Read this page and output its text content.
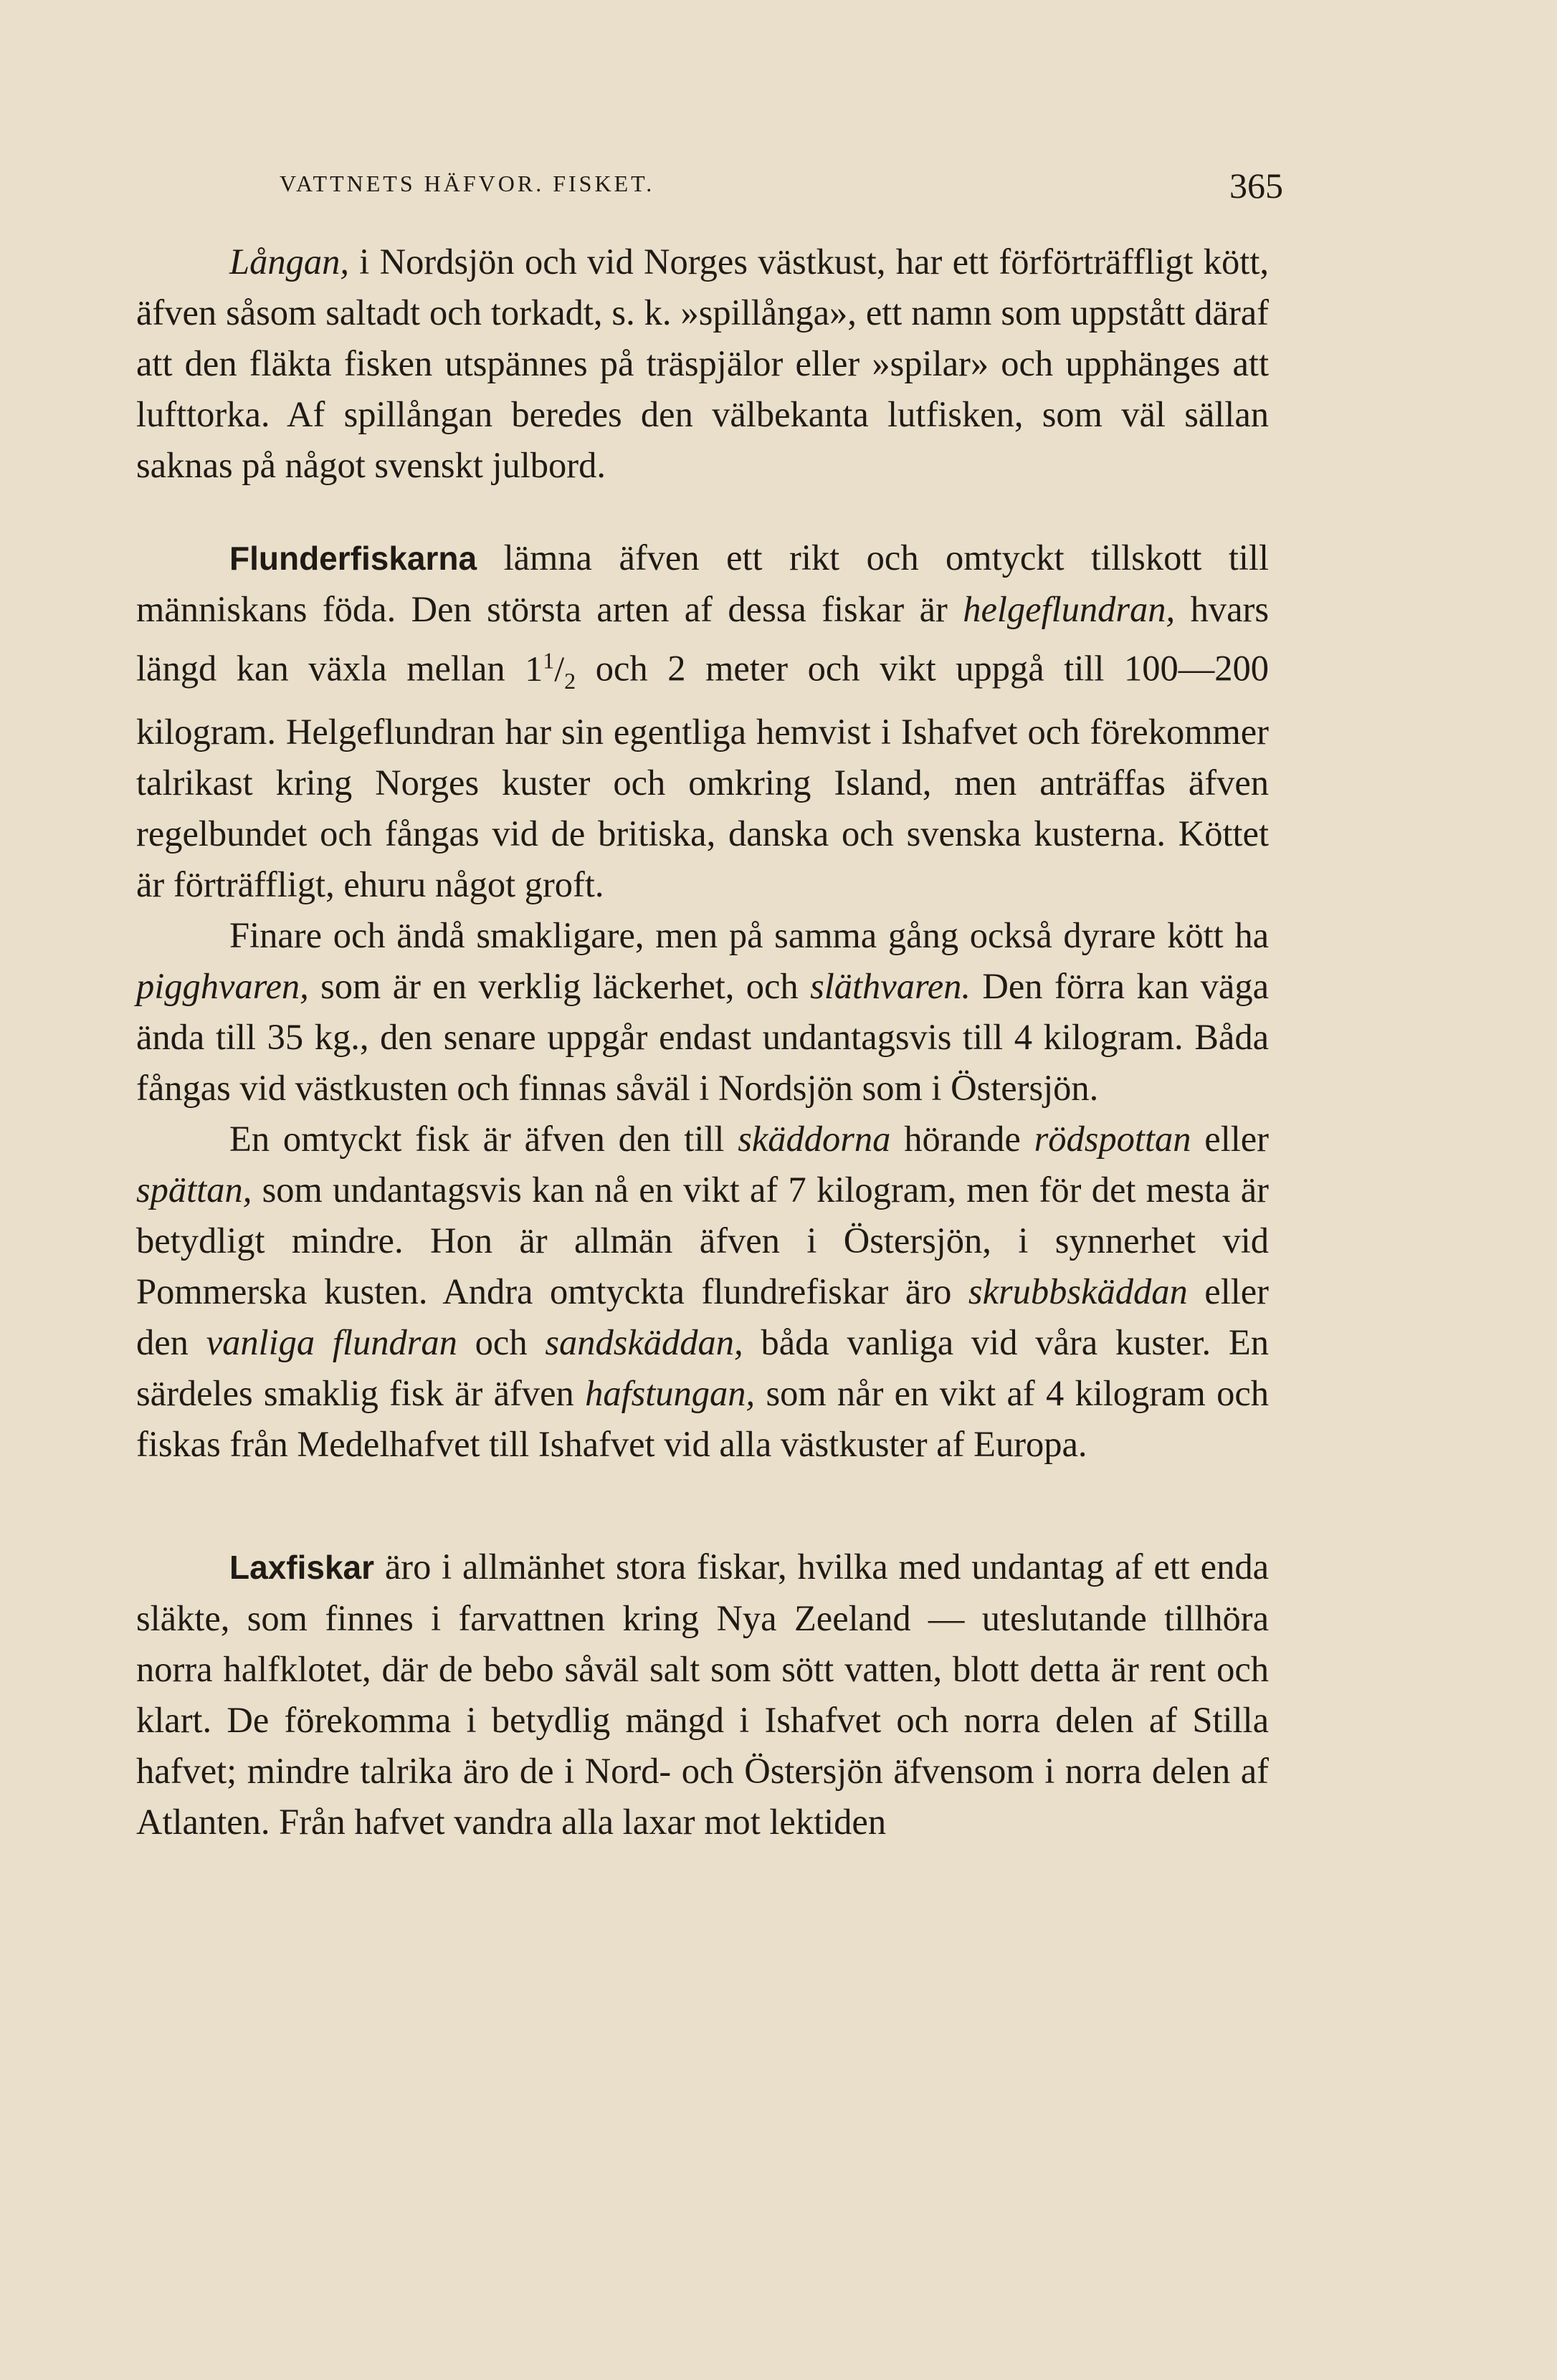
VATTNETS HÄFVOR. FISKET.	365

Långan, i Nordsjön och vid Norges västkust, har ett förförträffligt kött, äfven såsom saltadt och torkadt, s. k. »spillånga», ett namn som uppstått däraf att den fläkta fisken utspännes på träspjälor eller »spilar» och upphänges att lufttorka. Af spillångan beredes den välbekanta lutfisken, som väl sällan saknas på något svenskt julbord.

Flunderfiskarna lämna äfven ett rikt och omtyckt tillskott till människans föda. Den största arten af dessa fiskar är helgeflundran, hvars längd kan växla mellan $1^1/_2$ och 2 meter och vikt uppgå till 100—200 kilogram. Helgeflundran har sin egentliga hemvist i Ishafvet och förekommer talrikast kring Norges kuster och omkring Island, men anträffas äfven regelbundet och fångas vid de britiska, danska och svenska kusterna. Köttet är förträffligt, ehuru något groft.

Finare och ändå smakligare, men på samma gång också dyrare kött ha pigghvaren, som är en verklig läckerhet, och släthvaren. Den förra kan väga ända till 35 kg., den senare uppgår endast undantagsvis till 4 kilogram. Båda fångas vid västkusten och finnas såväl i Nordsjön som i Östersjön.

En omtyckt fisk är äfven den till skäddorna hörande rödspottan eller spättan, som undantagsvis kan nå en vikt af 7 kilogram, men för det mesta är betydligt mindre. Hon är allmän äfven i Östersjön, i synnerhet vid Pommerska kusten. Andra omtyckta flundrefiskar äro skrubbskäddan eller den vanliga flundran och sandskäddan, båda vanliga vid våra kuster. En särdeles smaklig fisk är äfven hafstungan, som når en vikt af 4 kilogram och fiskas från Medelhafvet till Ishafvet vid alla västkuster af Europa.

Laxfiskar äro i allmänhet stora fiskar, hvilka med undantag af ett enda släkte, som finnes i farvattnen kring Nya Zeeland — uteslutande tillhöra norra halfklotet, där de bebo såväl salt som sött vatten, blott detta är rent och klart. De förekomma i betydlig mängd i Ishafvet och norra delen af Stilla hafvet; mindre talrika äro de i Nord- och Östersjön äfvensom i norra delen af Atlanten. Från hafvet vandra alla laxar mot lektiden
